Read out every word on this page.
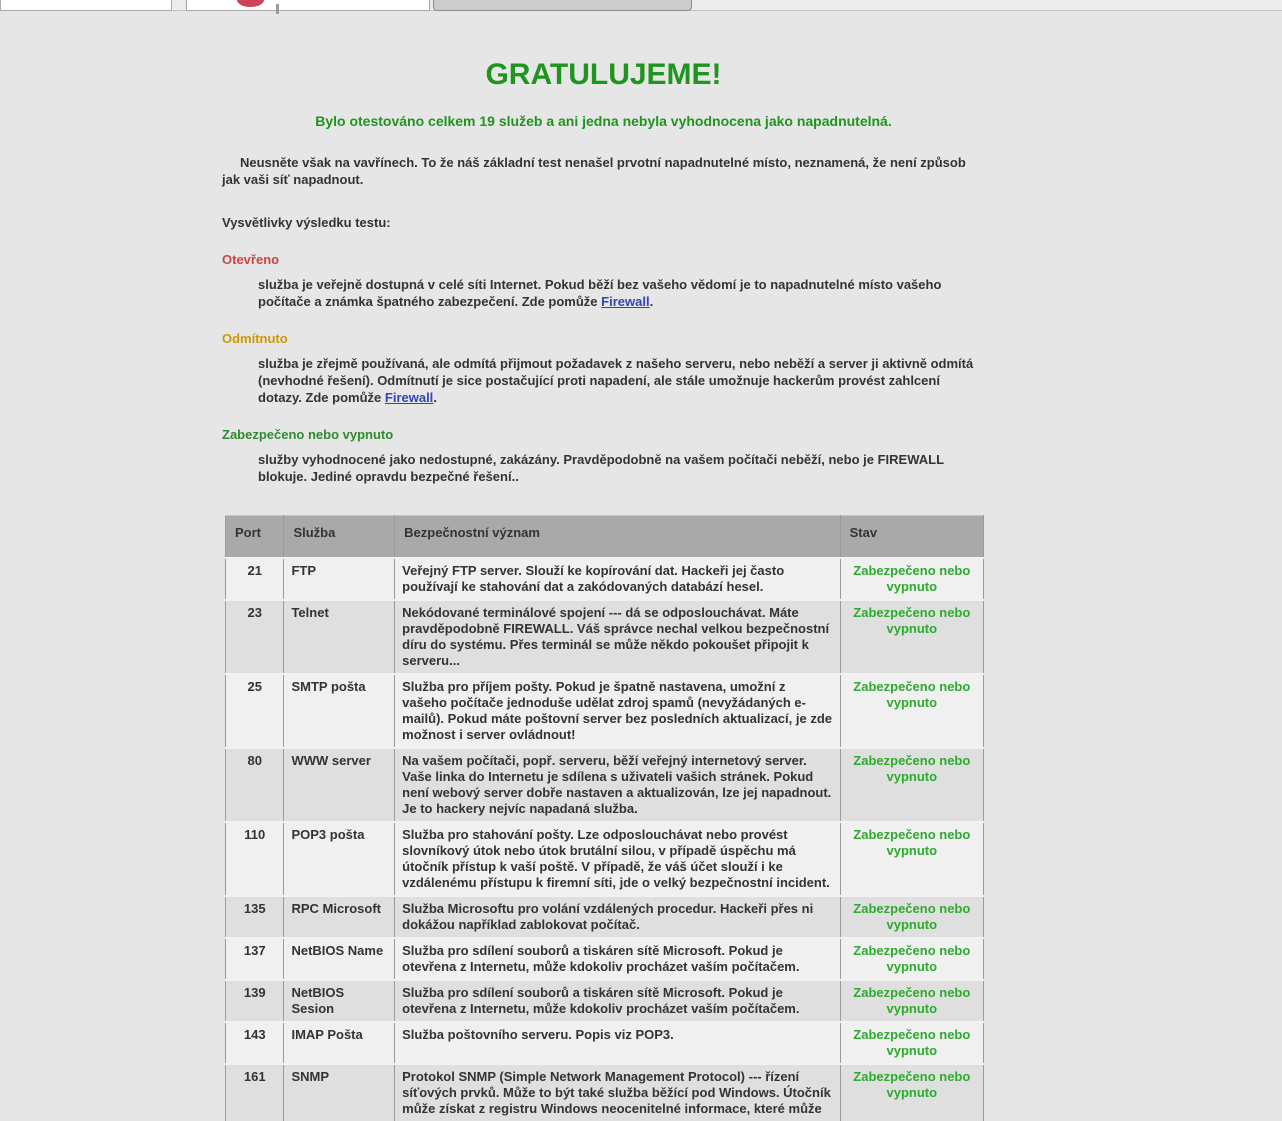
GRATULUJEME!
Bylo otestováno celkem 19 služeb a ani jedna nebyla vyhodnocena jako napadnutelná.

Neusněte však na vavřínech. To že náš základní test nenašel prvotní napadnutelné místo, neznamená, že není způsob jak vaši síť napadnout.

Vysvětlivky výsledku testu:
Otevřeno

služba je veřejně dostupná v celé síti Internet. Pokud běží bez vašeho vědomí je to napadnutelné místo vašeho počítače a známka špatného zabezpečení. Zde pomůže Firewall.

Odmítnuto

služba je zřejmě používaná, ale odmítá přijmout požadavek z našeho serveru, nebo neběží a server ji aktivně odmítá (nevhodné řešení). Odmítnutí je sice postačující proti napadení, ale stále umožnuje hackerům provést zahlcení dotazy. Zde pomůže Firewall.

Zabezpečeno nebo vypnuto

služby vyhodnocené jako nedostupné, zakázány. Pravděpodobně na vašem počítači neběží, nebo je FIREWALL blokuje. Jediné opravdu bezpečné řešení..

Port	Služba	Bezpečnostní význam	Stav
21	FTP	Veřejný FTP server. Slouží ke kopírování dat. Hackeři jej často používají ke stahování dat a zakódovaných databází hesel.	Zabezpečeno nebo vypnuto
23	Telnet	Nekódované terminálové spojení --- dá se odposlouchávat. Máte pravděpodobně FIREWALL. Váš správce nechal velkou bezpečnostní díru do systému. Přes terminál se může někdo pokoušet připojit k serveru...	Zabezpečeno nebo vypnuto
25	SMTP pošta	Služba pro příjem pošty. Pokud je špatně nastavena, umožní z vašeho počítače jednoduše udělat zdroj spamů (nevyžádaných e-mailů). Pokud máte poštovní server bez posledních aktualizací, je zde možnost i server ovládnout!	Zabezpečeno nebo vypnuto
80	WWW server	Na vašem počítači, popř. serveru, běží veřejný internetový server. Vaše linka do Internetu je sdílena s uživateli vašich stránek. Pokud není webový server dobře nastaven a aktualizován, lze jej napadnout. Je to hackery nejvíc napadaná služba.	Zabezpečeno nebo vypnuto
110	POP3 pošta	Služba pro stahování pošty. Lze odposlouchávat nebo provést slovníkový útok nebo útok brutální silou, v případě úspěchu má útočník přístup k vaší poště. V případě, že váš účet slouží i ke vzdálenému přístupu k firemní síti, jde o velký bezpečnostní incident.	Zabezpečeno nebo vypnuto
135	RPC Microsoft	Služba Microsoftu pro volání vzdálených procedur. Hackeři přes ni dokážou například zablokovat počítač.	Zabezpečeno nebo vypnuto
137	NetBIOS Name	Služba pro sdílení souborů a tiskáren sítě Microsoft. Pokud je otevřena z Internetu, může kdokoliv procházet vaším počítačem.	Zabezpečeno nebo vypnuto
139	NetBIOS Sesion	Služba pro sdílení souborů a tiskáren sítě Microsoft. Pokud je otevřena z Internetu, může kdokoliv procházet vaším počítačem.	Zabezpečeno nebo vypnuto
143	IMAP Pošta	Služba poštovního serveru. Popis viz POP3.	Zabezpečeno nebo vypnuto
161	SNMP	Protokol SNMP (Simple Network Management Protocol) --- řízení síťových prvků. Může to být také služba běžící pod Windows. Útočník může získat z registru Windows neocenitelné informace, které může	Zabezpečeno nebo vypnuto
